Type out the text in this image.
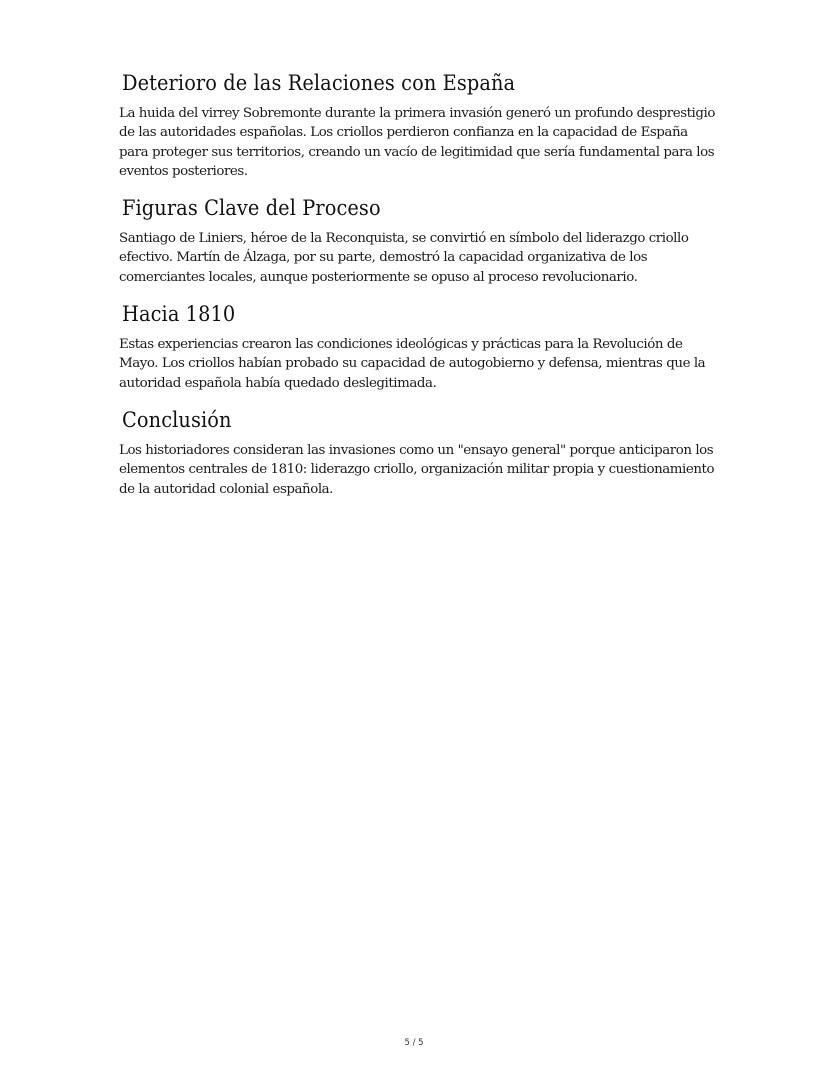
Deterioro de las Relaciones con España

La huida del virrey Sobremonte durante la primera invasión generó un profundo desprestigio de las autoridades españolas. Los criollos perdieron confianza en la capacidad de España para proteger sus territorios, creando un vacío de legitimidad que sería fundamental para los eventos posteriores.

Figuras Clave del Proceso

Santiago de Liniers, héroe de la Reconquista, se convirtió en símbolo del liderazgo criollo efectivo. Martín de Álzaga, por su parte, demostró la capacidad organizativa de los comerciantes locales, aunque posteriormente se opuso al proceso revolucionario.

Hacia 1810

Estas experiencias crearon las condiciones ideológicas y prácticas para la Revolución de Mayo. Los criollos habían probado su capacidad de autogobierno y defensa, mientras que la autoridad española había quedado deslegitimada.

Conclusión

Los historiadores consideran las invasiones como un "ensayo general" porque anticiparon los elementos centrales de 1810: liderazgo criollo, organización militar propia y cuestionamiento de la autoridad colonial española.

5 / 5
